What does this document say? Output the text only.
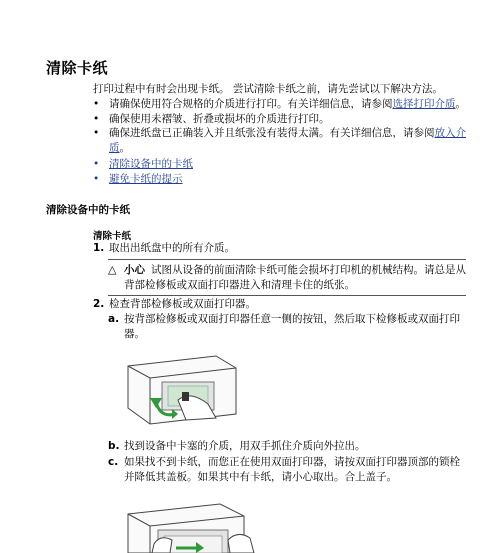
清除卡纸
打印过程中有时会出现卡纸。 尝试清除卡纸之前，请先尝试以下解决方法。
• 请确保使用符合规格的介质进行打印。有关详细信息，请参阅选择打印介质。
• 确保使用未褶皱、折叠或损坏的介质进行打印。
• 确保进纸盘已正确装入并且纸张没有装得太满。有关详细信息，请参阅放入介质。
• 清除设备中的卡纸
• 避免卡纸的提示
清除设备中的卡纸
清除卡纸
1. 取出出纸盘中的所有介质。
△ 小心 试图从设备的前面清除卡纸可能会损坏打印机的机械结构。请总是从背部检修板或双面打印器进入和清理卡住的纸张。
2. 检查背部检修板或双面打印器。
a. 按背部检修板或双面打印器任意一侧的按钮，然后取下检修板或双面打印器。
b. 找到设备中卡塞的介质，用双手抓住介质向外拉出。
c. 如果找不到卡纸，而您正在使用双面打印器，请按双面打印器顶部的锁栓并降低其盖板。如果其中有卡纸，请小心取出。合上盖子。
